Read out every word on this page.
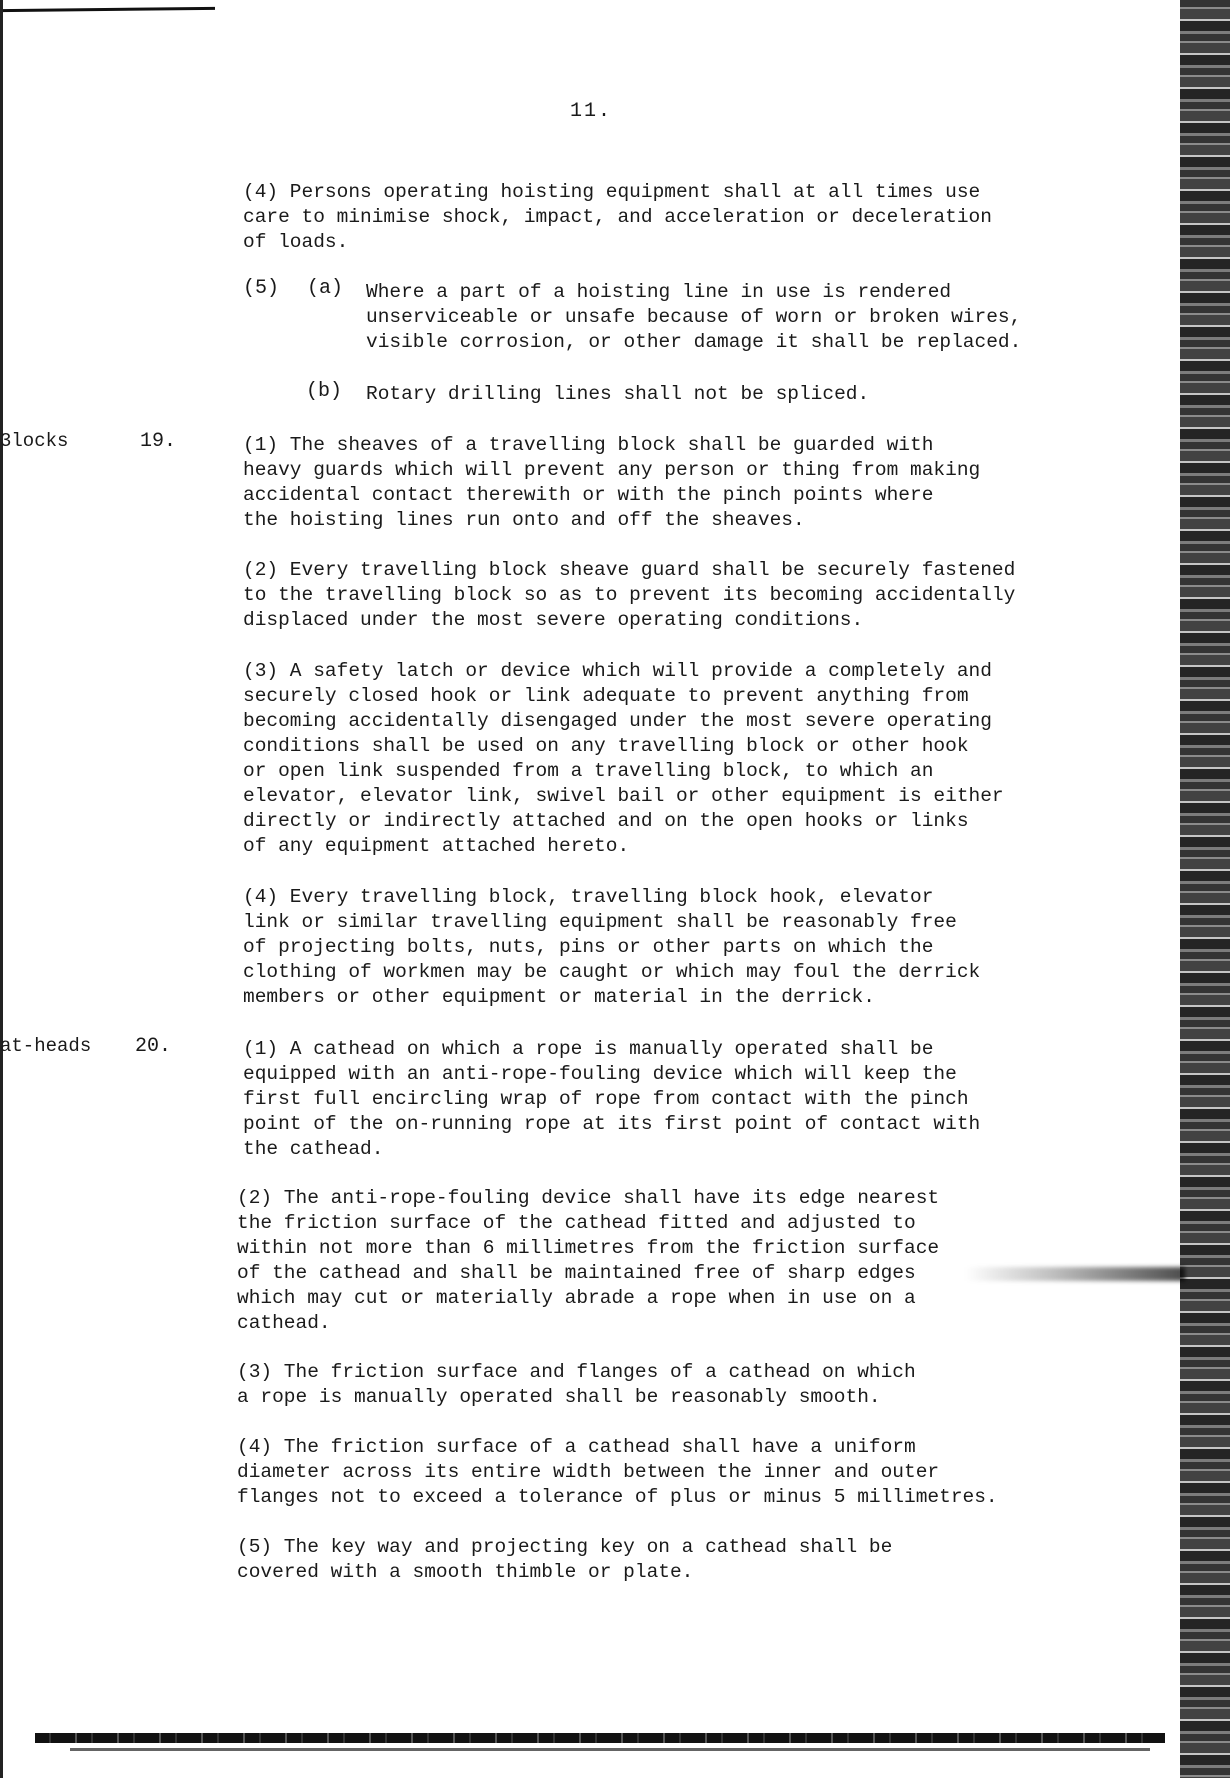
11.
(4) Persons operating hoisting equipment shall at all times use
care to minimise shock, impact, and acceleration or deceleration
of loads.
(5) (a) Where a part of a hoisting line in use is rendered
unserviceable or unsafe because of worn or broken wires,
visible corrosion, or other damage it shall be replaced.
(b) Rotary drilling lines shall not be spliced.
3locks	19.	(1) The sheaves of a travelling block shall be guarded with
heavy guards which will prevent any person or thing from making
accidental contact therewith or with the pinch points where
the hoisting lines run onto and off the sheaves.
(2) Every travelling block sheave guard shall be securely fastened
to the travelling block so as to prevent its becoming accidentally
displaced under the most severe operating conditions.
(3) A safety latch or device which will provide a completely and
securely closed hook or link adequate to prevent anything from
becoming accidentally disengaged under the most severe operating
conditions shall be used on any travelling block or other hook
or open link suspended from a travelling block, to which an
elevator, elevator link, swivel bail or other equipment is either
directly or indirectly attached and on the open hooks or links
of any equipment attached hereto.
(4) Every travelling block, travelling block hook, elevator
link or similar travelling equipment shall be reasonably free
of projecting bolts, nuts, pins or other parts on which the
clothing of workmen may be caught or which may foul the derrick
members or other equipment or material in the derrick.
at-heads 20.	(1) A cathead on which a rope is manually operated shall be
equipped with an anti-rope-fouling device which will keep the
first full encircling wrap of rope from contact with the pinch
point of the on-running rope at its first point of contact with
the cathead.
(2) The anti-rope-fouling device shall have its edge nearest
the friction surface of the cathead fitted and adjusted to
within not more than 6 millimetres from the friction surface
of the cathead and shall be maintained free of sharp edges
which may cut or materially abrade a rope when in use on a
cathead.
(3) The friction surface and flanges of a cathead on which
a rope is manually operated shall be reasonably smooth.
(4) The friction surface of a cathead shall have a uniform
diameter across its entire width between the inner and outer
flanges not to exceed a tolerance of plus or minus 5 millimetres.
(5) The key way and projecting key on a cathead shall be
covered with a smooth thimble or plate.
